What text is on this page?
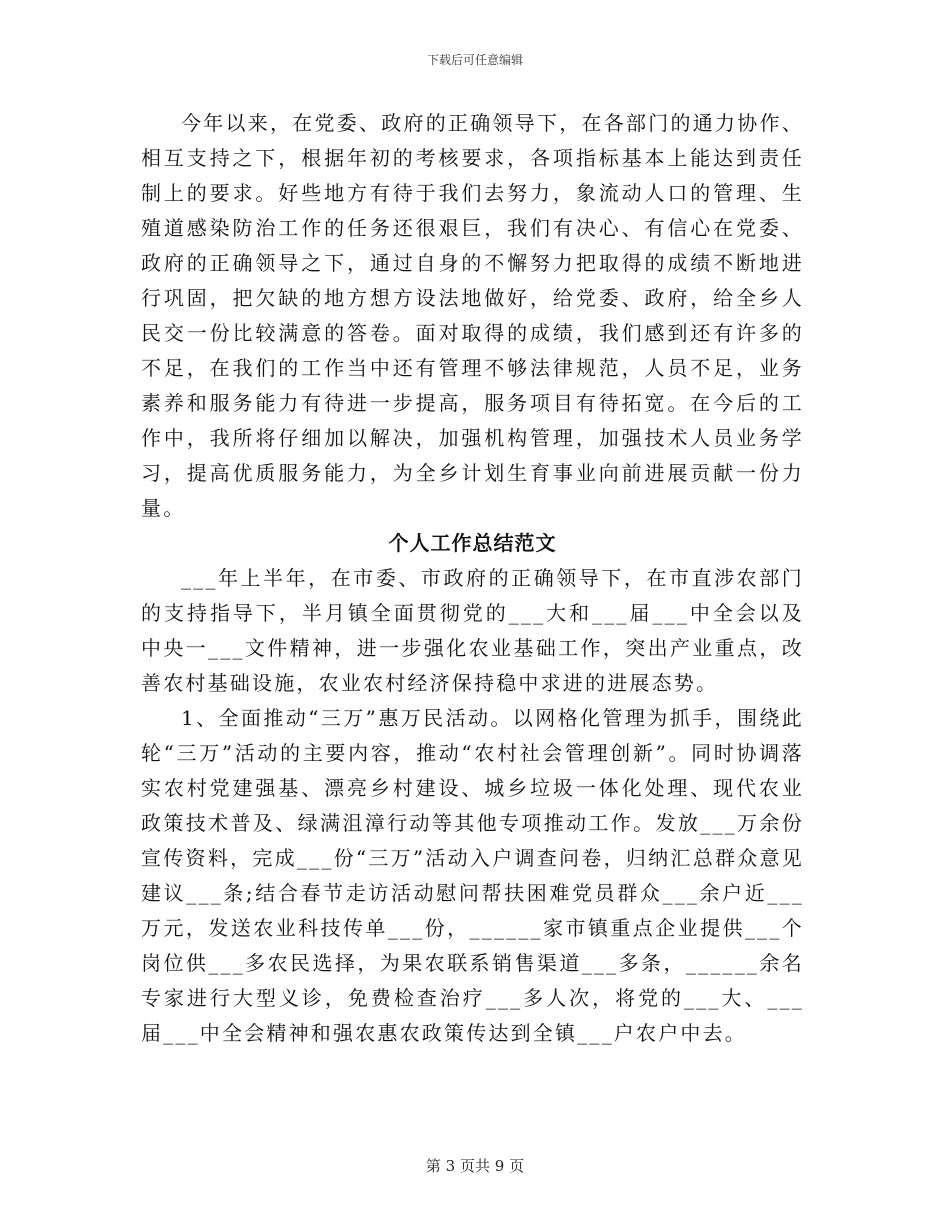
下载后可任意编辑

今年以来，在党委、政府的正确领导下，在各部门的通力协作、相互支持之下，根据年初的考核要求，各项指标基本上能达到责任制上的要求。好些地方有待于我们去努力，象流动人口的管理、生殖道感染防治工作的任务还很艰巨，我们有决心、有信心在党委、政府的正确领导之下，通过自身的不懈努力把取得的成绩不断地进行巩固，把欠缺的地方想方设法地做好，给党委、政府，给全乡人民交一份比较满意的答卷。面对取得的成绩，我们感到还有许多的不足，在我们的工作当中还有管理不够法律规范，人员不足，业务素养和服务能力有待进一步提高，服务项目有待拓宽。在今后的工作中，我所将仔细加以解决，加强机构管理，加强技术人员业务学习，提高优质服务能力，为全乡计划生育事业向前进展贡献一份力量。

个人工作总结范文

___年上半年，在市委、市政府的正确领导下，在市直涉农部门的支持指导下，半月镇全面贯彻党的___大和___届___中全会以及中央一___文件精神，进一步强化农业基础工作，突出产业重点，改善农村基础设施，农业农村经济保持稳中求进的进展态势。

1、全面推动“三万”惠万民活动。以网格化管理为抓手，围绕此轮“三万”活动的主要内容，推动“农村社会管理创新”。同时协调落实农村党建强基、漂亮乡村建设、城乡垃圾一体化处理、现代农业政策技术普及、绿满沮漳行动等其他专项推动工作。发放___万余份宣传资料，完成___份“三万”活动入户调查问卷，归纳汇总群众意见建议___条;结合春节走访活动慰问帮扶困难党员群众___余户近___万元，发送农业科技传单___份，______家市镇重点企业提供___个岗位供___多农民选择，为果农联系销售渠道___多条，______余名专家进行大型义诊，免费检查治疗___多人次，将党的___大、___届___中全会精神和强农惠农政策传达到全镇___户农户中去。

第 3 页共 9 页
